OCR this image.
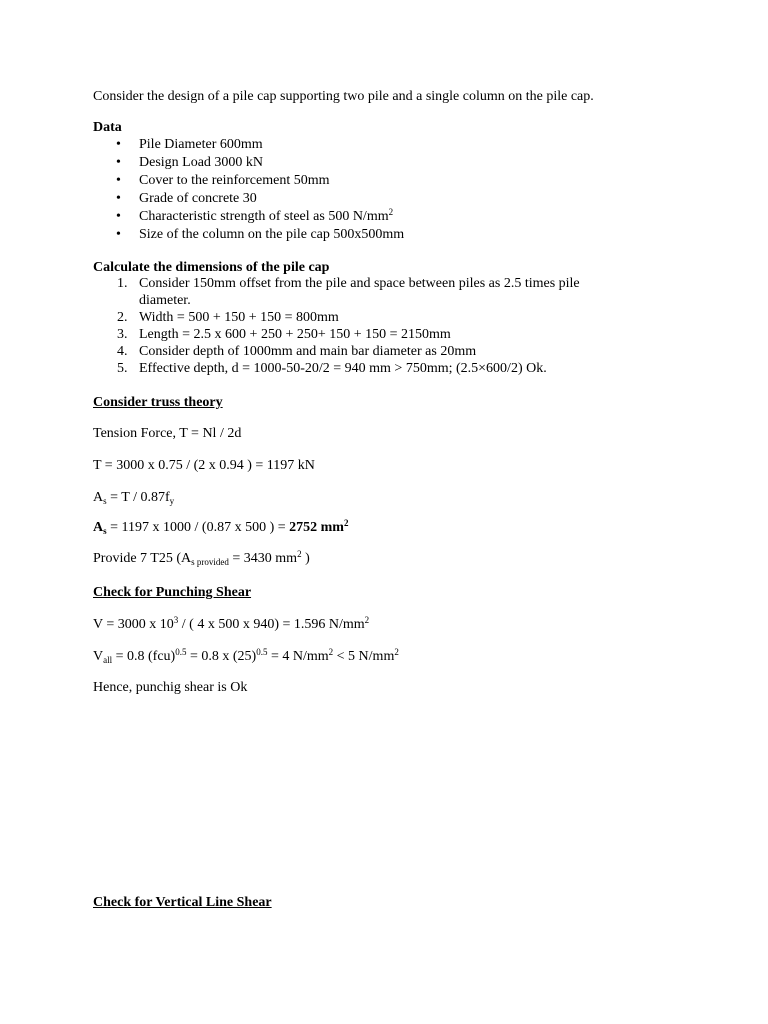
Consider the design of a pile cap supporting two pile and a single column on the pile cap.
Data
• Pile Diameter 600mm
• Design Load 3000 kN
• Cover to the reinforcement 50mm
• Grade of concrete 30
• Characteristic strength of steel as 500 $N/mm^2$
• Size of the column on the pile cap 500x500mm
Calculate the dimensions of the pile cap
1. Consider 150mm offset from the pile and space between piles as 2.5 times pile
diameter.
2. Width = 500 + 150 + 150 = 800mm
3. Length = 2.5 x 600 + 250 + 250+ 150 + 150 = 2150mm
4. Consider depth of 1000mm and main bar diameter as 20mm
5. Effective depth, d = 1000-50-20/2 = 940 mm > 750mm; (2.5×600/2) Ok.
Consider truss theory
Tension Force, T = Nl / 2d
T = 3000 x 0.75 / (2 x 0.94 ) = 1197 kN
$A_s = T / 0.87f_y$
$A_s = 1197$ x 1000 / (0.87 x 500 ) = 2752 $mm^2$
Provide 7 T25 ($A_{s provided} = 3430$ $mm^2$ )
Check for Punching Shear
V = 3000 x $10^3$ / ( 4 x 500 x 940) = 1.596 $N/mm^2$
$V_{all} = 0.8$ (fcu)$^{0.5}$ = 0.8 x $(25)^{0.5} = 4$ $N/mm^2 < 5$ $N/mm^2$
Hence, punchig shear is Ok
Check for Vertical Line Shear
